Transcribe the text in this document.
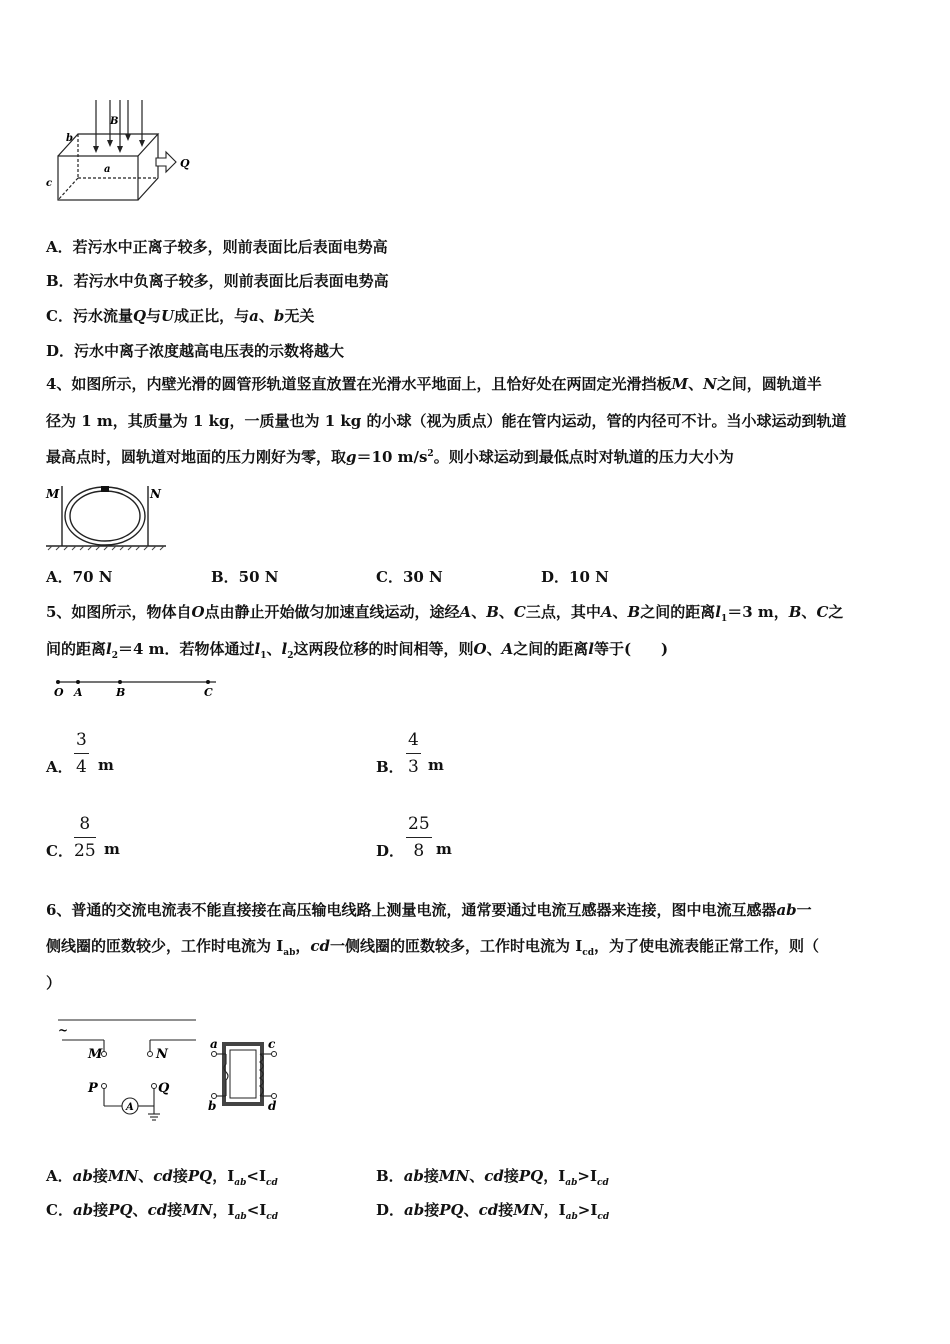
b
B
a
c
Q
A．若污水中正离子较多，则前表面比后表面电势高
B．若污水中负离子较多，则前表面比后表面电势高
C．污水流量Q与U成正比，与a、b无关
D．污水中离子浓度越高电压表的示数将越大
4、如图所示，内壁光滑的圆管形轨道竖直放置在光滑水平地面上，且恰好处在两固定光滑挡板M、N之间，圆轨道半
径为 1 m，其质量为 1 kg，一质量也为 1 kg 的小球（视为质点）能在管内运动，管的内径可不计。当小球运动到轨道
最高点时，圆轨道对地面的压力刚好为零，取g＝10 $m/s^2$。则小球运动到最低点时对轨道的压力大小为
M	N
A．70 N	B．50 N	C．30 N	D．10 N
5、如图所示，物体自O点由静止开始做匀加速直线运动，途经A、B、C三点，其中A、B之间的距离$l_1=3$ m，B、C之
间的距离$l_2=4$ m．若物体通过$l_1$、$l_2$这两段位移的时间相等，则O、A之间的距离l等于(　　)
O A	B	C
A． $\frac{3}{4}$ m	B． $\frac{4}{3}$ m
C． $\frac{8}{25}$ m	D． $\frac{25}{8}$ m
6、普通的交流电流表不能直接接在高压输电线路上测量电流，通常要通过电流互感器来连接，图中电流互感器ab一
侧线圈的匝数较少，工作时电流为 $I_{ab}$，cd一侧线圈的匝数较多，工作时电流为 $I_{cd}$，为了使电流表能正常工作，则（
）
~
M	N
P	Q
A
a
b
c
d
A．ab接MN、cd接PQ，$I_{ab}<I_{cd}$	B．ab接MN、cd接PQ，$I_{ab}>I_{cd}$
C．ab接PQ、cd接MN，$I_{ab}<I_{cd}$	D．ab接PQ、cd接MN，$I_{ab}>I_{cd}$
